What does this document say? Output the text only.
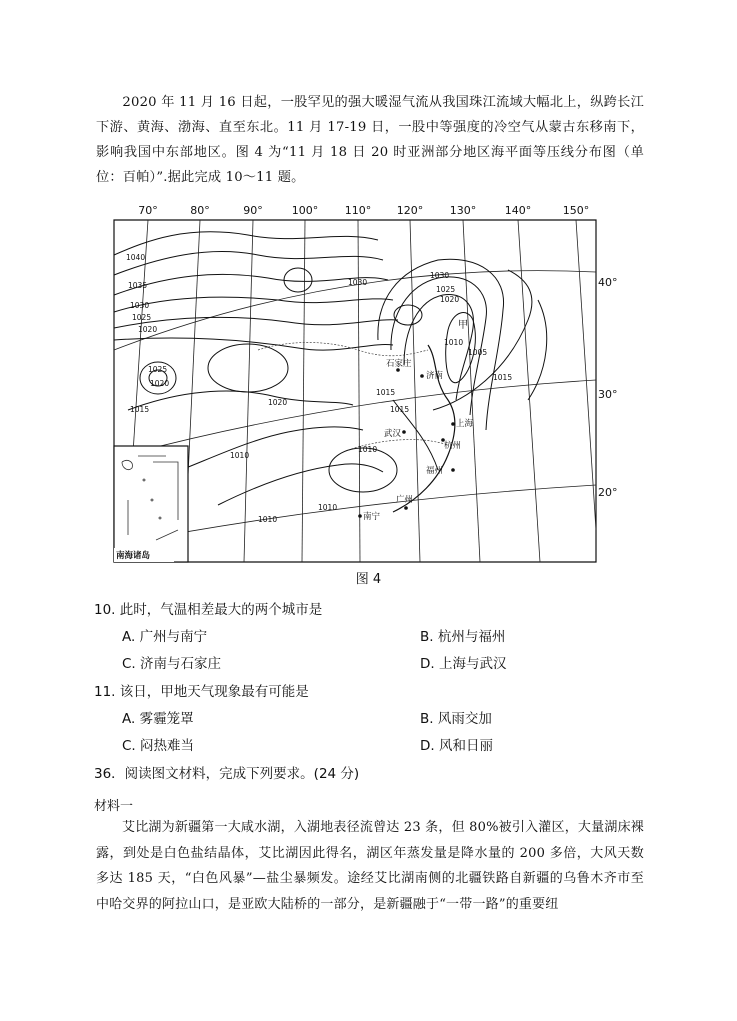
2020 年 11 月 16 日起，一股罕见的强大暖湿气流从我国珠江流域大幅北上，纵跨长江下游、黄海、渤海、直至东北。11 月 17-19 日，一股中等强度的冷空气从蒙古东移南下，影响我国中东部地区。图 4 为“11 月 18 日 20 时亚洲部分地区海平面等压线分布图（单位：百帕）”.据此完成 10～11 题。

70°	80°	90°	100° 110° 120° 130°	140°	150°
40°
30°
20°
1040
1035
1030
1025
1020
1025
1020
1015
1020
1010
1010
1015
1030
1030
1025
1020
1010
1005
1015
1010
1010
1015
甲
石家庄
济南
武汉
上海
杭州
福州
广州
南宁
南海诸岛
图 4
10. 此时，气温相差最大的两个城市是
A. 广州与南宁	B. 杭州与福州
C. 济南与石家庄	D. 上海与武汉
11. 该日，甲地天气现象最有可能是
A. 雾霾笼罩	B. 风雨交加
C. 闷热难当	D. 风和日丽
36．阅读图文材料，完成下列要求。(24 分)
材料一

艾比湖为新疆第一大咸水湖，入湖地表径流曾达 23 条，但 80%被引入灌区，大量湖床裸露，到处是白色盐结晶体，艾比湖因此得名，湖区年蒸发量是降水量的 200 多倍，大风天数多达 185 天，“白色风暴”—盐尘暴频发。途经艾比湖南侧的北疆铁路自新疆的乌鲁木齐市至中哈交界的阿拉山口，是亚欧大陆桥的一部分，是新疆融于“一带一路”的重要纽
